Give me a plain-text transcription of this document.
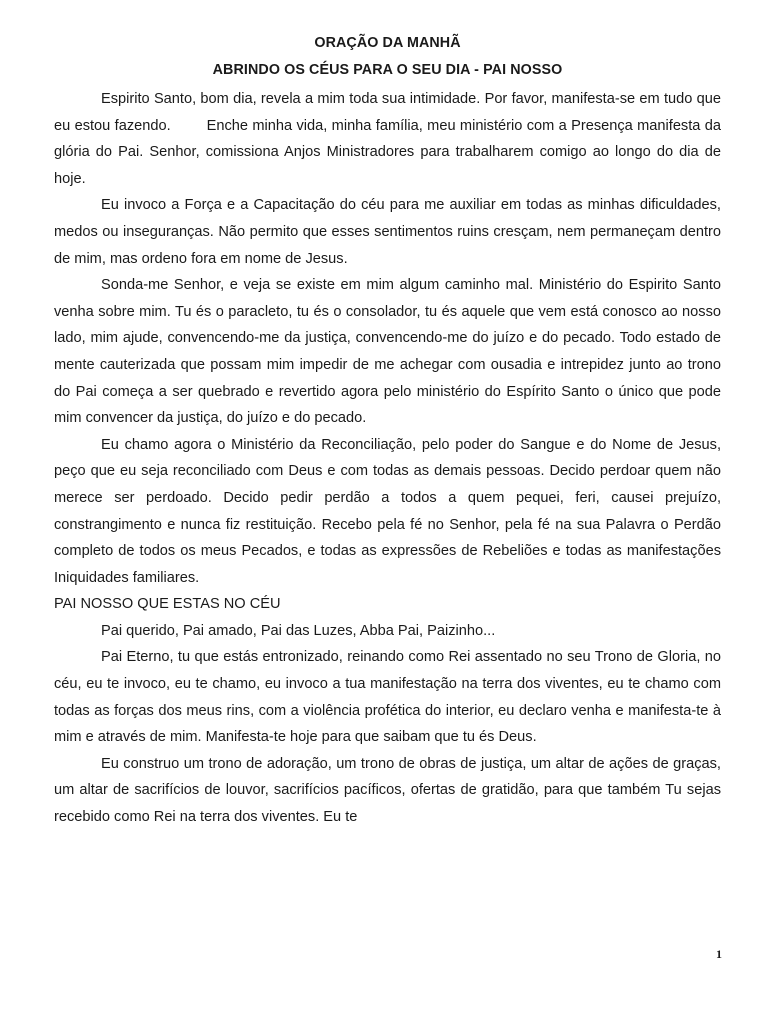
ORAÇÃO DA MANHÃ
ABRINDO OS CÉUS PARA O SEU DIA - PAI NOSSO

Espirito Santo, bom dia, revela a mim toda sua intimidade. Por favor, manifesta-se em tudo que eu estou fazendo. Enche minha vida, minha família, meu ministério com a Presença manifesta da glória do Pai. Senhor, comissiona Anjos Ministradores para trabalharem comigo ao longo do dia de hoje.

Eu invoco a Força e a Capacitação do céu para me auxiliar em todas as minhas dificuldades, medos ou inseguranças. Não permito que esses sentimentos ruins cresçam, nem permaneçam dentro de mim, mas ordeno fora em nome de Jesus.

Sonda-me Senhor, e veja se existe em mim algum caminho mal. Ministério do Espirito Santo venha sobre mim. Tu és o paracleto, tu és o consolador, tu és aquele que vem está conosco ao nosso lado, mim ajude, convencendo-me da justiça, convencendo-me do juízo e do pecado. Todo estado de mente cauterizada que possam mim impedir de me achegar com ousadia e intrepidez junto ao trono do Pai começa a ser quebrado e revertido agora pelo ministério do Espírito Santo o único que pode mim convencer da justiça, do juízo e do pecado.

Eu chamo agora o Ministério da Reconciliação, pelo poder do Sangue e do Nome de Jesus, peço que eu seja reconciliado com Deus e com todas as demais pessoas. Decido perdoar quem não merece ser perdoado. Decido pedir perdão a todos a quem pequei, feri, causei prejuízo, constrangimento e nunca fiz restituição. Recebo pela fé no Senhor, pela fé na sua Palavra o Perdão completo de todos os meus Pecados, e todas as expressões de Rebeliões e todas as manifestações Iniquidades familiares.

PAI NOSSO QUE ESTAS NO CÉU

Pai querido, Pai amado, Pai das Luzes, Abba Pai, Paizinho...

Pai Eterno, tu que estás entronizado, reinando como Rei assentado no seu Trono de Gloria, no céu, eu te invoco, eu te chamo, eu invoco a tua manifestação na terra dos viventes, eu te chamo com todas as forças dos meus rins, com a violência profética do interior, eu declaro venha e manifesta-te à mim e através de mim. Manifesta-te hoje para que saibam que tu és Deus.

Eu construo um trono de adoração, um trono de obras de justiça, um altar de ações de graças, um altar de sacrifícios de louvor, sacrifícios pacíficos, ofertas de gratidão, para que também Tu sejas recebido como Rei na terra dos viventes. Eu te

1
